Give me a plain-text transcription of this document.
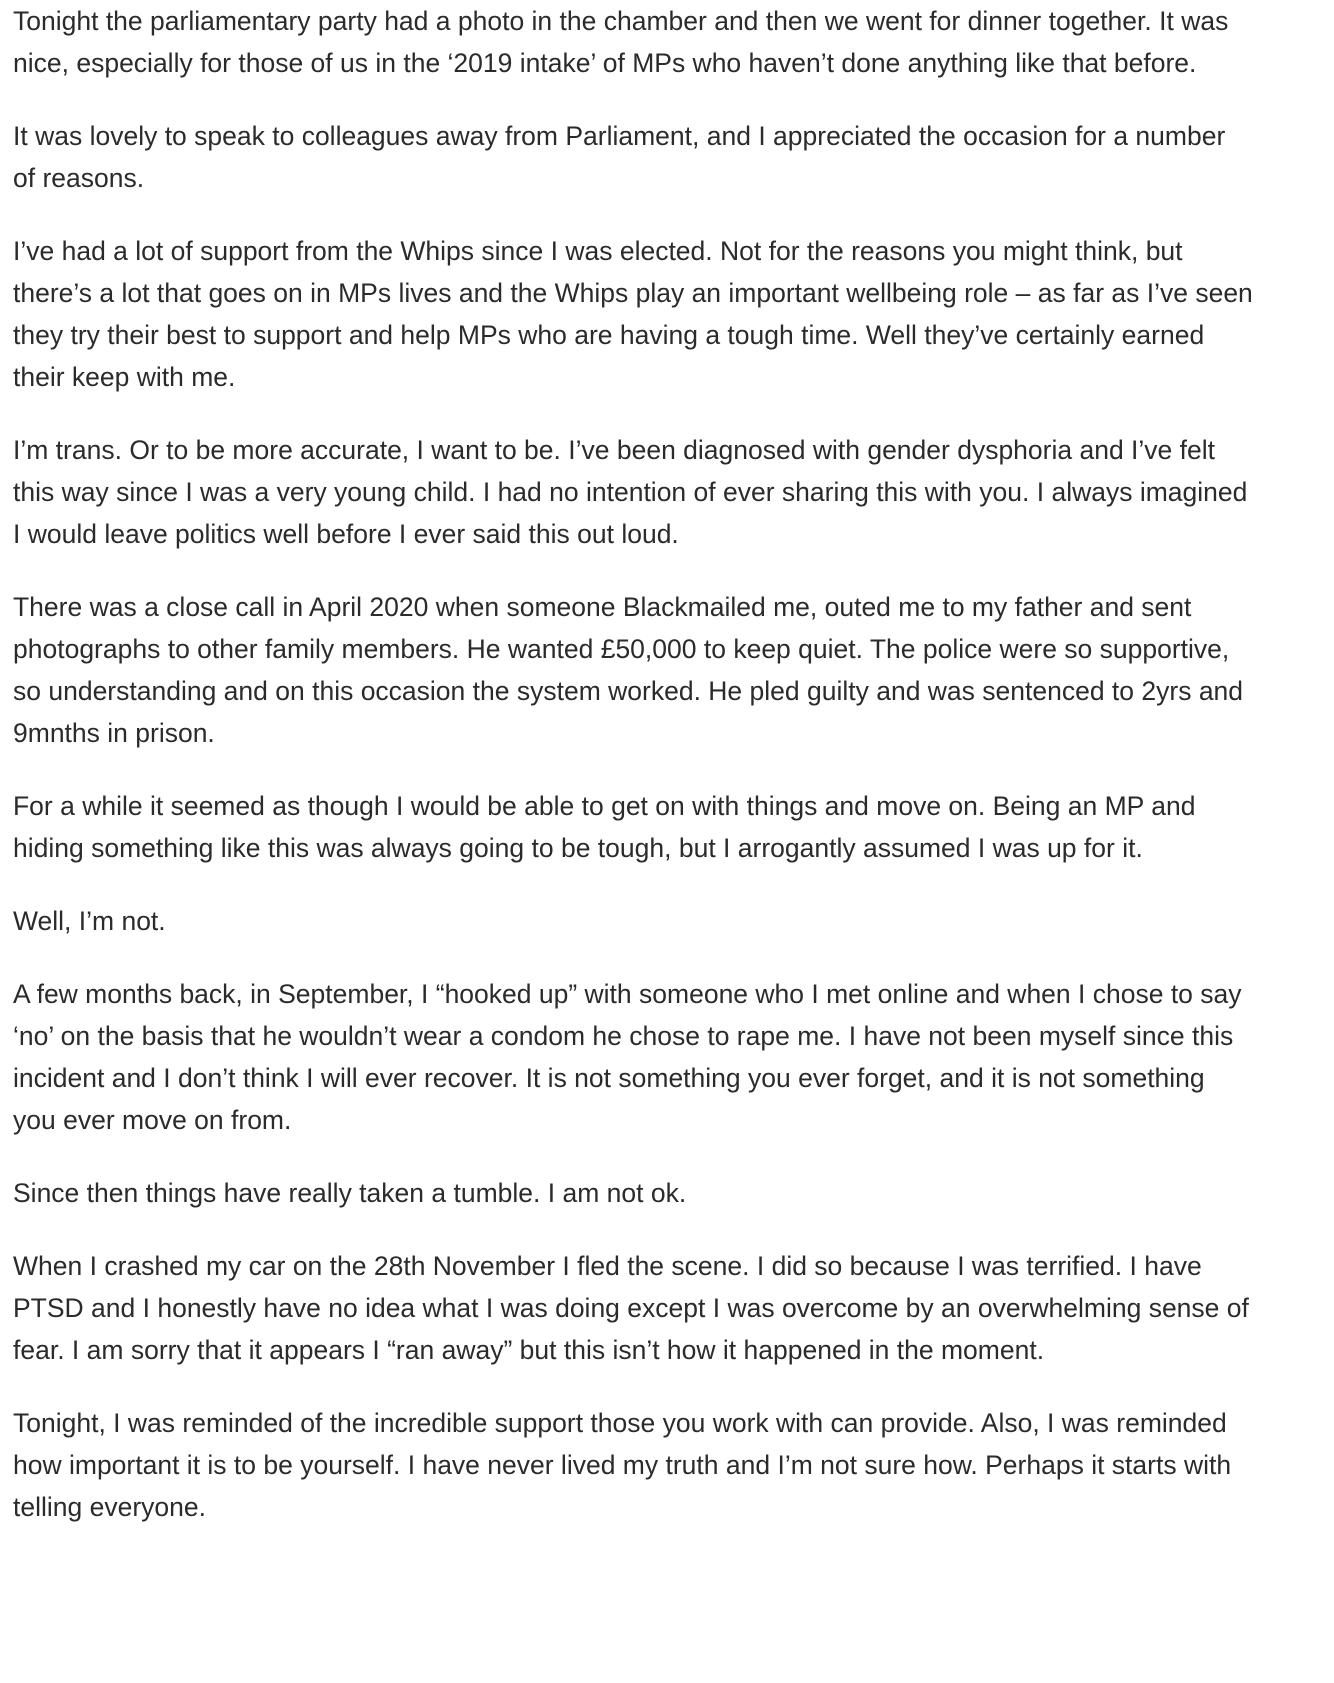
Tonight the parliamentary party had a photo in the chamber and then we went for dinner together. It was nice, especially for those of us in the ‘2019 intake’ of MPs who haven’t done anything like that before.

It was lovely to speak to colleagues away from Parliament, and I appreciated the occasion for a number of reasons.

I’ve had a lot of support from the Whips since I was elected. Not for the reasons you might think, but there’s a lot that goes on in MPs lives and the Whips play an important wellbeing role – as far as I’ve seen they try their best to support and help MPs who are having a tough time. Well they’ve certainly earned their keep with me.

I’m trans. Or to be more accurate, I want to be. I’ve been diagnosed with gender dysphoria and I’ve felt this way since I was a very young child. I had no intention of ever sharing this with you. I always imagined I would leave politics well before I ever said this out loud.

There was a close call in April 2020 when someone Blackmailed me, outed me to my father and sent photographs to other family members. He wanted £50,000 to keep quiet. The police were so supportive, so understanding and on this occasion the system worked. He pled guilty and was sentenced to 2yrs and 9mnths in prison.

For a while it seemed as though I would be able to get on with things and move on. Being an MP and hiding something like this was always going to be tough, but I arrogantly assumed I was up for it.

Well, I’m not.

A few months back, in September, I “hooked up” with someone who I met online and when I chose to say ‘no’ on the basis that he wouldn’t wear a condom he chose to rape me. I have not been myself since this incident and I don’t think I will ever recover. It is not something you ever forget, and it is not something you ever move on from.

Since then things have really taken a tumble. I am not ok.

When I crashed my car on the 28th November I fled the scene. I did so because I was terrified. I have PTSD and I honestly have no idea what I was doing except I was overcome by an overwhelming sense of fear. I am sorry that it appears I “ran away” but this isn’t how it happened in the moment.

Tonight, I was reminded of the incredible support those you work with can provide. Also, I was reminded how important it is to be yourself. I have never lived my truth and I’m not sure how. Perhaps it starts with telling everyone.
